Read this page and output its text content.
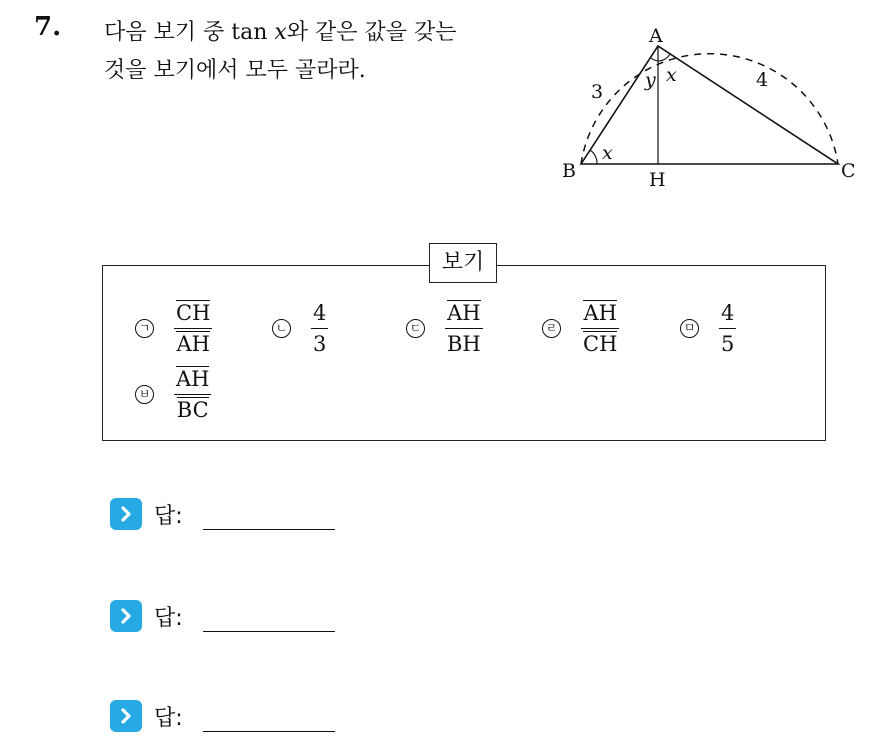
7. 다음 보기 중 tan x와 같은 값을 갖는
것을 보기에서 모두 골라라.
A
B	C
H
3
4
x
y x
보기
ㄱ $\frac{CH}{AH}$	ㄴ $\frac{4}{3}$	ㄷ $\frac{AH}{BH}$	ㄹ $\frac{AH}{CH}$	ㅁ $\frac{4}{5}$
ㅂ $\frac{AH}{BC}$
답:
답:
답:
